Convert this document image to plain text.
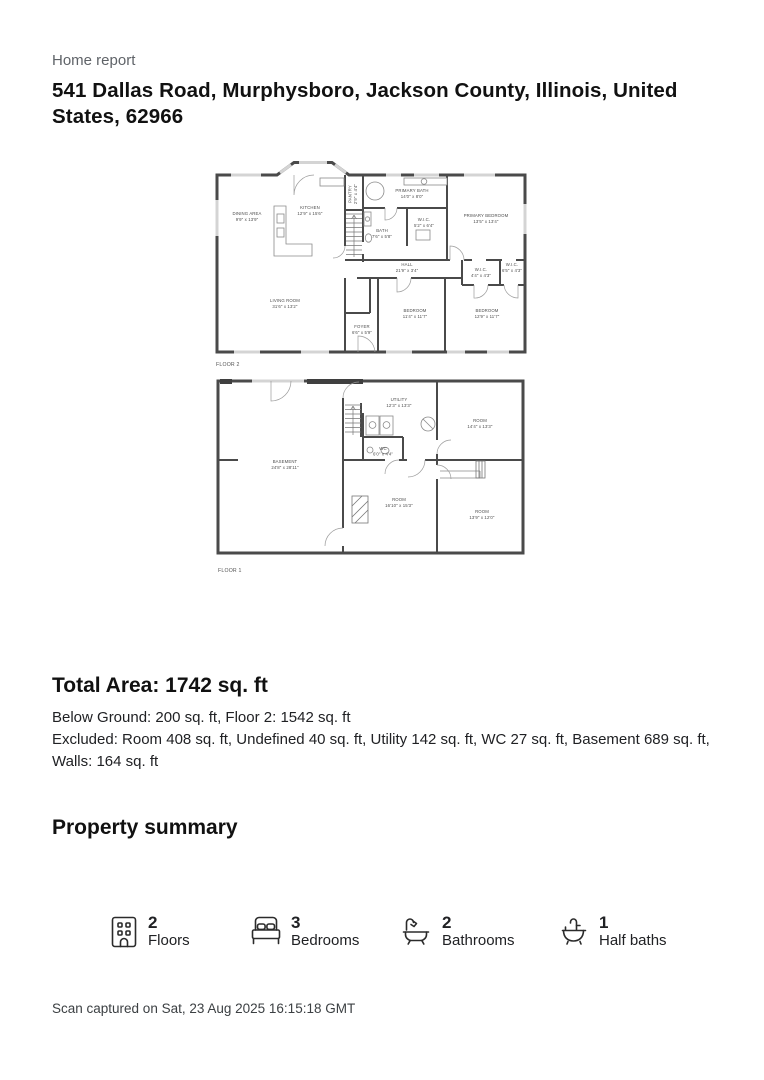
Home report
541 Dallas Road, Murphysboro, Jackson County, Illinois, United States, 62966
DINING AREA
9'9" x 13'9"
KITCHEN
12'9" x 15'6"
PANTRY 2'9" x 4'4"	PRIMARY BATH
14'0" x 8'0"
W.I.C.
5'2" x 6'4"
PRIMARY BEDROOM
13'5" x 13'4"
BATH
7'6" x 5'8"
HALL
21'9" x 3'4"
LIVING ROOM
31'6" x 13'2"
FOYER
6'6" x 5'9"
BEDROOM
11'4" x 11'7"
BEDROOM
12'9" x 11'7"
W.I.C.
4'4" x 4'3"
W.I.C.
6'5" x 4'3"
FLOOR 2
UTILITY
12'3" x 13'3"
ROOM
14'4" x 13'3"
BASEMENT
24'8" x 28'11"
WC
6'0" x 4'4"
ROOM
16'10" x 15'3"
ROOM
13'9" x 12'0"
FLOOR 1
Total Area: 1742 sq. ft
Below Ground: 200 sq. ft, Floor 2: 1542 sq. ft
Excluded: Room 408 sq. ft, Undefined 40 sq. ft, Utility 142 sq. ft, WC 27 sq. ft, Basement 689 sq. ft, Walls: 164 sq. ft
Property summary
2
Floors
3
Bedrooms
2
Bathrooms
1
Half baths
Scan captured on Sat, 23 Aug 2025 16:15:18 GMT
